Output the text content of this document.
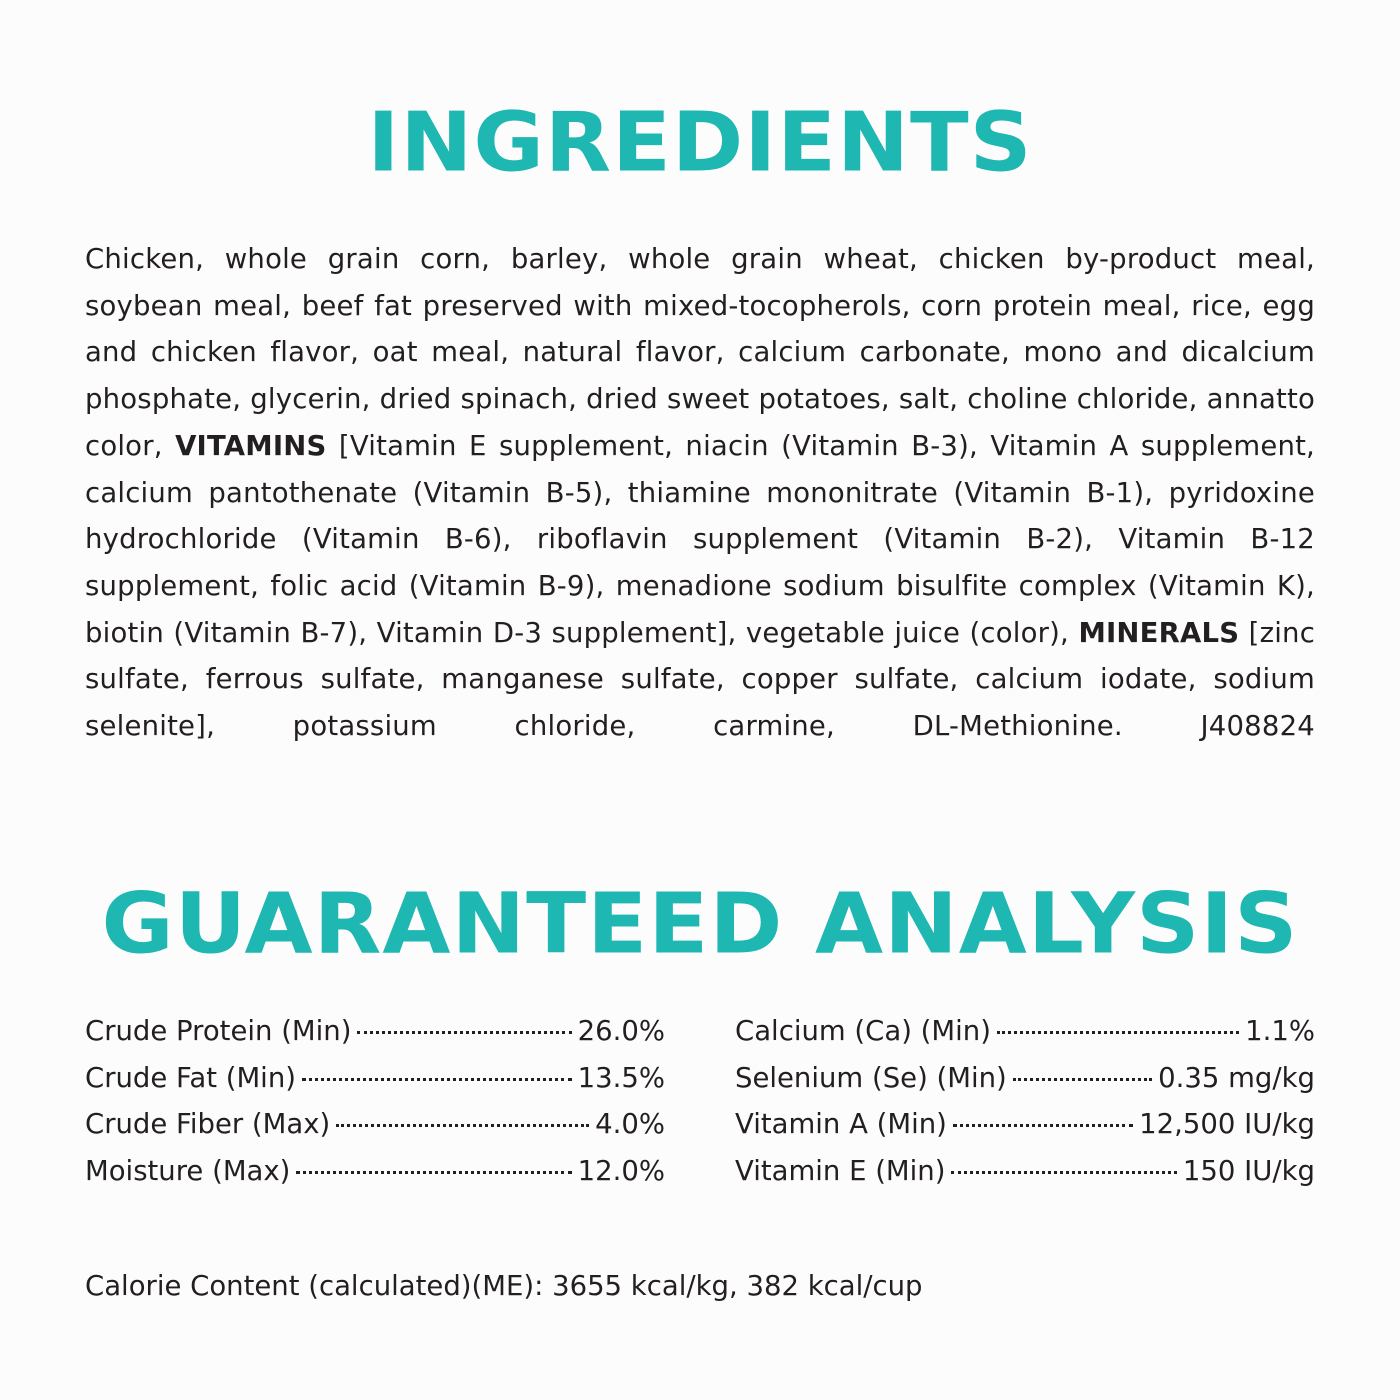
INGREDIENTS

Chicken, whole grain corn, barley, whole grain wheat, chicken by-product meal, soybean meal, beef fat preserved with mixed-tocopherols, corn protein meal, rice, egg and chicken flavor, oat meal, natural flavor, calcium carbonate, mono and dicalcium phosphate, glycerin, dried spinach, dried sweet potatoes, salt, choline chloride, annatto color, VITAMINS [Vitamin E supplement, niacin (Vitamin B-3), Vitamin A supplement, calcium pantothenate (Vitamin B-5), thiamine mononitrate (Vitamin B-1), pyridoxine hydrochloride (Vitamin B-6), riboflavin supplement (Vitamin B-2), Vitamin B-12 supplement, folic acid (Vitamin B-9), menadione sodium bisulfite complex (Vitamin K), biotin (Vitamin B-7), Vitamin D-3 supplement], vegetable juice (color), MINERALS [zinc sulfate, ferrous sulfate, manganese sulfate, copper sulfate, calcium iodate, sodium selenite], potassium chloride, carmine, DL-Methionine.	J408824

GUARANTEED ANALYSIS
Crude Protein (Min)	26.0%
Crude Fat (Min)	13.5%
Crude Fiber (Max)	4.0%
Moisture (Max)	12.0%
Calcium (Ca) (Min)	1.1%
Selenium (Se) (Min)	0.35 mg/kg
Vitamin A (Min)	12,500 IU/kg
Vitamin E (Min)	150 IU/kg

Calorie Content (calculated)(ME): 3655 kcal/kg, 382 kcal/cup
